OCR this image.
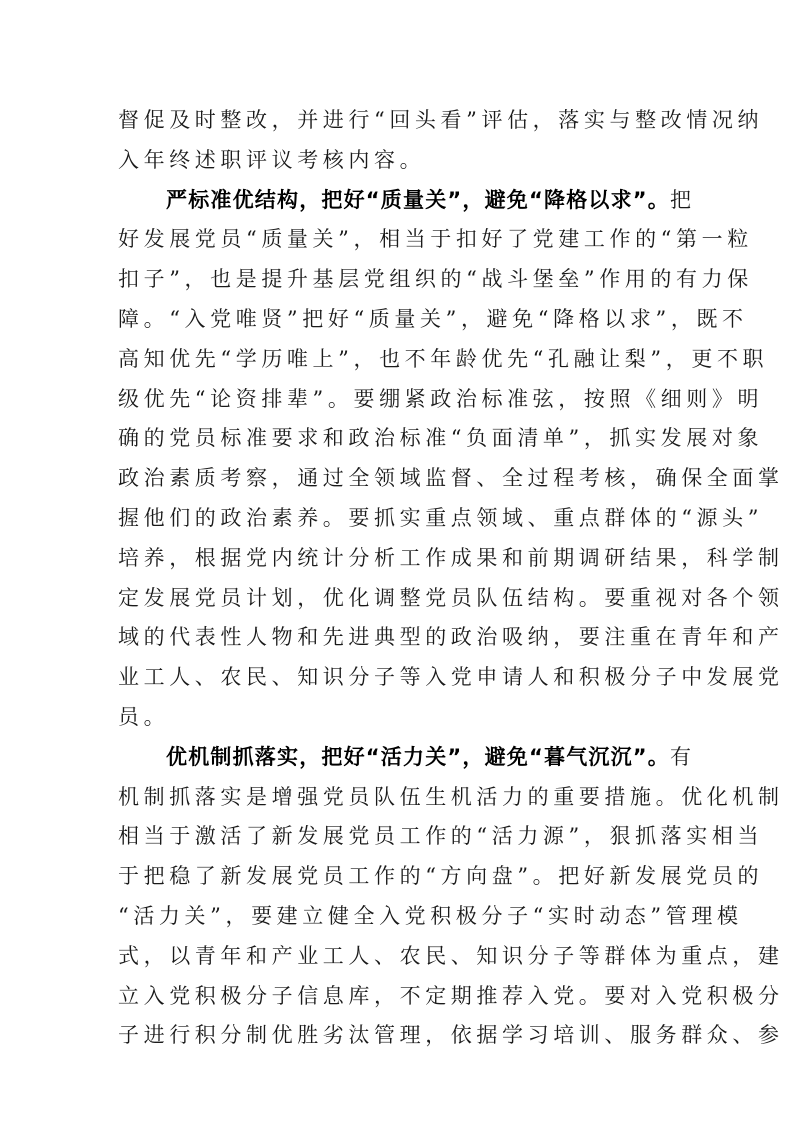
督促及时整改，并进行“回头看”评估，落实与整改情况纳
入年终述职评议考核内容。
严标准优结构，把好“质量关”，避免“降格以求”。把
好发展党员“质量关”，相当于扣好了党建工作的“第一粒
扣子”，也是提升基层党组织的“战斗堡垒”作用的有力保
障。“入党唯贤”把好“质量关”，避免“降格以求”，既不
高知优先“学历唯上”，也不年龄优先“孔融让梨”，更不职
级优先“论资排辈”。要绷紧政治标准弦，按照《细则》明
确的党员标准要求和政治标准“负面清单”，抓实发展对象
政治素质考察，通过全领域监督、全过程考核，确保全面掌
握他们的政治素养。要抓实重点领域、重点群体的“源头”
培养，根据党内统计分析工作成果和前期调研结果，科学制
定发展党员计划，优化调整党员队伍结构。要重视对各个领
域的代表性人物和先进典型的政治吸纳，要注重在青年和产
业工人、农民、知识分子等入党申请人和积极分子中发展党
员。
优机制抓落实，把好“活力关”，避免“暮气沉沉”。有
机制抓落实是增强党员队伍生机活力的重要措施。优化机制
相当于激活了新发展党员工作的“活力源”，狠抓落实相当
于把稳了新发展党员工作的“方向盘”。把好新发展党员的
“活力关”，要建立健全入党积极分子“实时动态”管理模
式，以青年和产业工人、农民、知识分子等群体为重点，建
立入党积极分子信息库，不定期推荐入党。要对入党积极分
子进行积分制优胜劣汰管理，依据学习培训、服务群众、参
